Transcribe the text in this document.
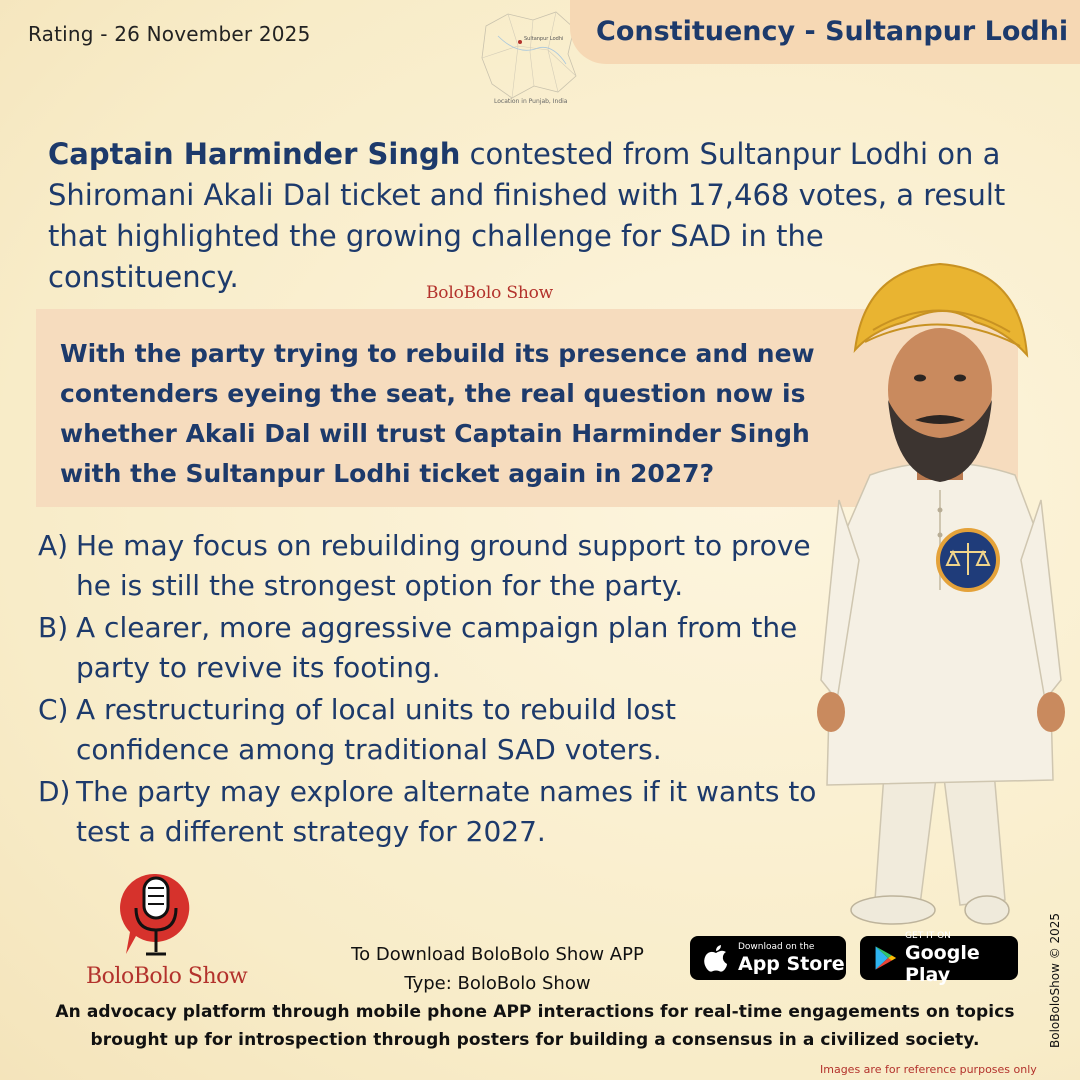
Rating - 26 November 2025	Sultanpur Lodhi
Location in Punjab, India
Constituency - Sultanpur Lodhi

Captain Harminder Singh contested from Sultanpur Lodhi on a Shiromani Akali Dal ticket and finished with 17,468 votes, a result that highlighted the growing challenge for SAD in the constituency.	BoloBolo Show

With the party trying to rebuild its presence and new contenders eyeing the seat, the real question now is whether Akali Dal will trust Captain Harminder Singh with the Sultanpur Lodhi ticket again in 2027?

A) He may focus on rebuilding ground support to prove he is still the strongest option for the party.
B) A clearer, more aggressive campaign plan from the party to revive its footing.
C) A restructuring of local units to rebuild lost confidence among traditional SAD voters.
D) The party may explore alternate names if it wants to test a different strategy for 2027.
BoloBolo Show
To Download BoloBolo Show APP
Type: BoloBolo Show
Download on the
App Store
GET IT ON
Google Play

An advocacy platform through mobile phone APP interactions for real-time engagements on topics brought up for introspection through posters for building a consensus in a civilized society.	BoloBoloShow © 2025
Images are for reference purposes only
